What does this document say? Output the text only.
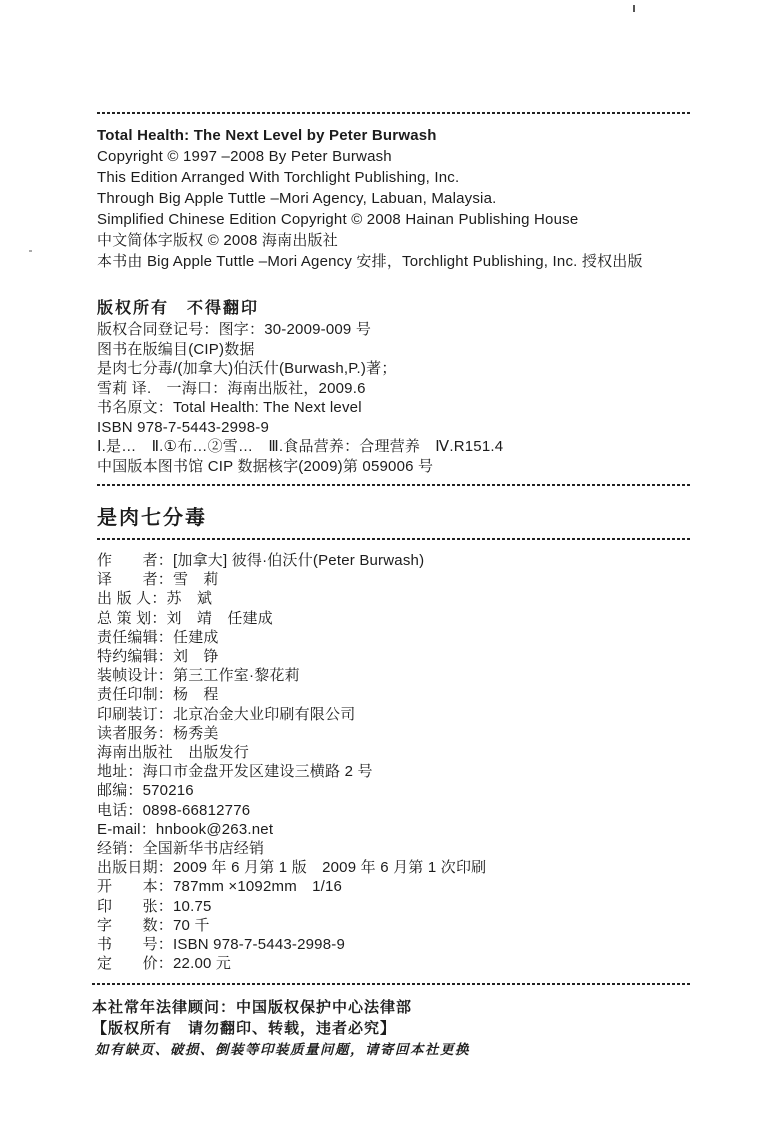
Total Health: The Next Level by Peter Burwash
Copyright © 1997 –2008 By Peter Burwash
This Edition Arranged With Torchlight Publishing, Inc.
Through Big Apple Tuttle –Mori Agency, Labuan, Malaysia.
Simplified Chinese Edition Copyright © 2008 Hainan Publishing House
中文简体字版权 © 2008 海南出版社
本书由 Big Apple Tuttle –Mori Agency 安排，Torchlight Publishing, Inc. 授权出版
版权所有　不得翻印
版权合同登记号：图字：30-2009-009 号
图书在版编目(CIP)数据
是肉七分毒/(加拿大)伯沃什(Burwash,P.)著；
雪莉 译.　一海口：海南出版社，2009.6
书名原文：Total Health: The Next level
ISBN 978-7-5443-2998-9
Ⅰ.是…　Ⅱ.①布…②雪…　Ⅲ.食品营养：合理营养　Ⅳ.R151.4
中国版本图书馆 CIP 数据核字(2009)第 059006 号
是肉七分毒
作　　者：[加拿大] 彼得·伯沃什(Peter Burwash)
译　　者：雪　莉
出 版 人：苏　斌
总 策 划：刘　靖　任建成
责任编辑：任建成
特约编辑：刘　铮
装帧设计：第三工作室·黎花莉
责任印制：杨　程
印刷装订：北京冶金大业印刷有限公司
读者服务：杨秀美
海南出版社　出版发行
地址：海口市金盘开发区建设三横路 2 号
邮编：570216
电话：0898-66812776
E-mail：hnbook@263.net
经销：全国新华书店经销
出版日期：2009 年 6 月第 1 版　2009 年 6 月第 1 次印刷
开　　本：787mm ×1092mm　1/16
印　　张：10.75
字　　数：70 千
书　　号：ISBN 978-7-5443-2998-9
定　　价：22.00 元
本社常年法律顾问：中国版权保护中心法律部
【版权所有　请勿翻印、转载，违者必究】
如有缺页、破损、倒装等印装质量问题，请寄回本社更换
